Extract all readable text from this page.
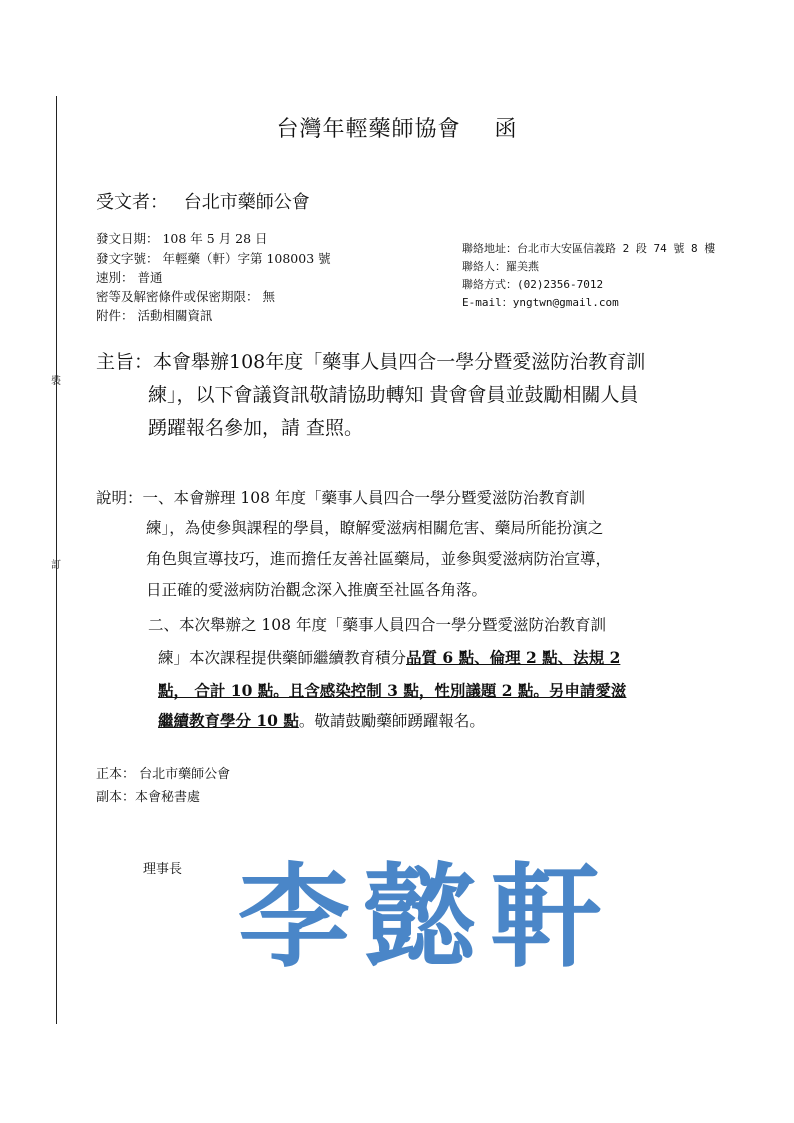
裝
訂
台灣年輕藥師協會 函
受文者： 台北市藥師公會
發文日期： 108 年 5 月 28 日
發文字號： 年輕藥（軒）字第 108003 號
速別： 普通
密等及解密條件或保密期限： 無
附件： 活動相關資訊
聯絡地址：台北市大安區信義路 2 段 74 號 8 樓
聯絡人：羅美燕
聯絡方式：(02)2356-7012
E-mail：yngtwn@gmail.com
主旨：本會舉辦108年度「藥事人員四合一學分暨愛滋防治教育訓
練」，以下會議資訊敬請協助轉知 貴會會員並鼓勵相關人員
踴躍報名參加，請 查照。
說明：一、本會辦理 108 年度「藥事人員四合一學分暨愛滋防治教育訓
練」，為使參與課程的學員，瞭解愛滋病相關危害、藥局所能扮演之
角色與宣導技巧，進而擔任友善社區藥局，並參與愛滋病防治宣導，
日正確的愛滋病防治觀念深入推廣至社區各角落。
二、本次舉辦之 108 年度「藥事人員四合一學分暨愛滋防治教育訓
練」本次課程提供藥師繼續教育積分品質 6 點、倫理 2 點、法規 2
點， 合計 10 點。且含感染控制 3 點，性別議題 2 點。另申請愛滋
繼續教育學分 10 點。敬請鼓勵藥師踴躍報名。
正本： 台北市藥師公會
副本：本會秘書處
理事長 李懿軒
